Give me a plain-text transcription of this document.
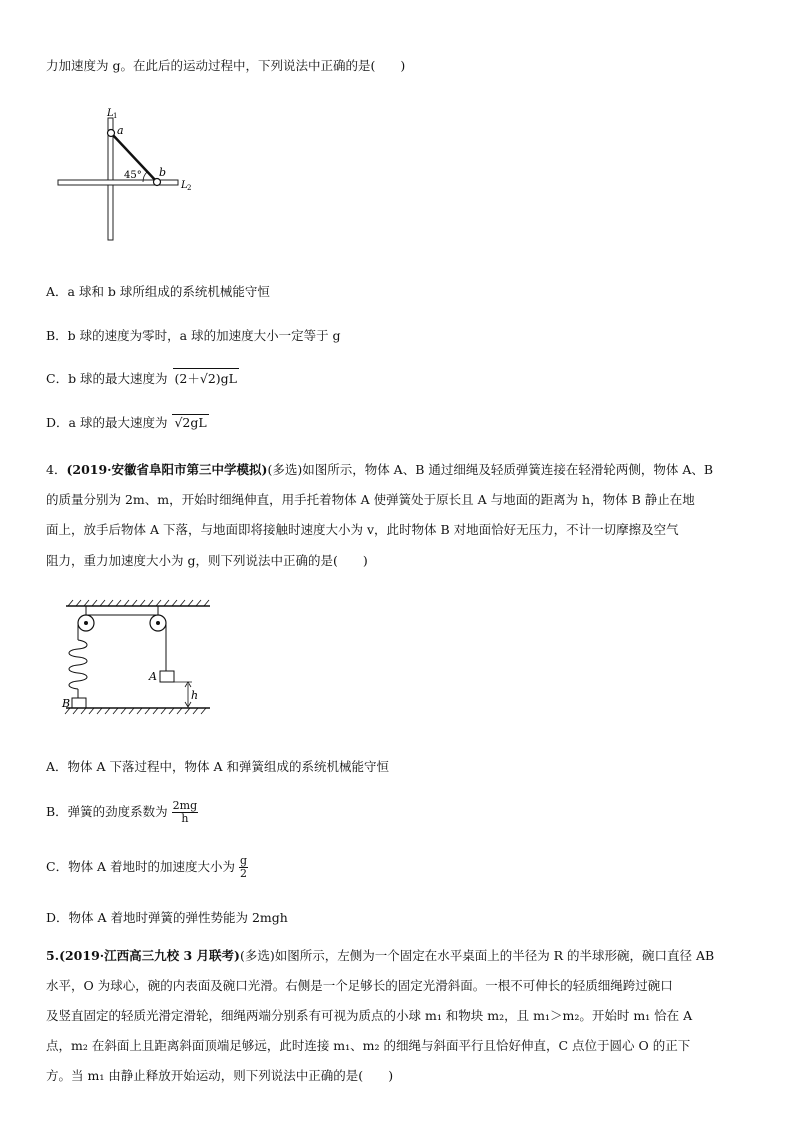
力加速度为 g。在此后的运动过程中，下列说法中正确的是(　　)
L 1
a
b
45°
L 2
A．a 球和 b 球所组成的系统机械能守恒
B．b 球的速度为零时，a 球的加速度大小一定等于 g
C．b 球的最大速度为 (2＋√2)gL
D．a 球的最大速度为 √2gL
4．(2019·安徽省阜阳市第三中学模拟)(多选)如图所示，物体 A、B 通过细绳及轻质弹簧连接在轻滑轮两侧，物体 A、B
的质量分别为 2m、m，开始时细绳伸直，用手托着物体 A 使弹簧处于原长且 A 与地面的距离为 h，物体 B 静止在地
面上，放手后物体 A 下落，与地面即将接触时速度大小为 v，此时物体 B 对地面恰好无压力，不计一切摩擦及空气
阻力，重力加速度大小为 g，则下列说法中正确的是(　　)
A
B
h
A．物体 A 下落过程中，物体 A 和弹簧组成的系统机械能守恒
B．弹簧的劲度系数为 $\frac{2mg}{h}$
C．物体 A 着地时的加速度大小为 $\frac{g}{2}$
D．物体 A 着地时弹簧的弹性势能为 2mgh
5.(2019·江西高三九校 3 月联考)(多选)如图所示，左侧为一个固定在水平桌面上的半径为 R 的半球形碗，碗口直径 AB
水平，O 为球心，碗的内表面及碗口光滑。右侧是一个足够长的固定光滑斜面。一根不可伸长的轻质细绳跨过碗口
及竖直固定的轻质光滑定滑轮，细绳两端分别系有可视为质点的小球 m₁ 和物块 m₂，且 m₁＞m₂。开始时 m₁ 恰在 A
点，m₂ 在斜面上且距离斜面顶端足够远，此时连接 m₁、m₂ 的细绳与斜面平行且恰好伸直，C 点位于圆心 O 的正下
方。当 m₁ 由静止释放开始运动，则下列说法中正确的是(　　)
